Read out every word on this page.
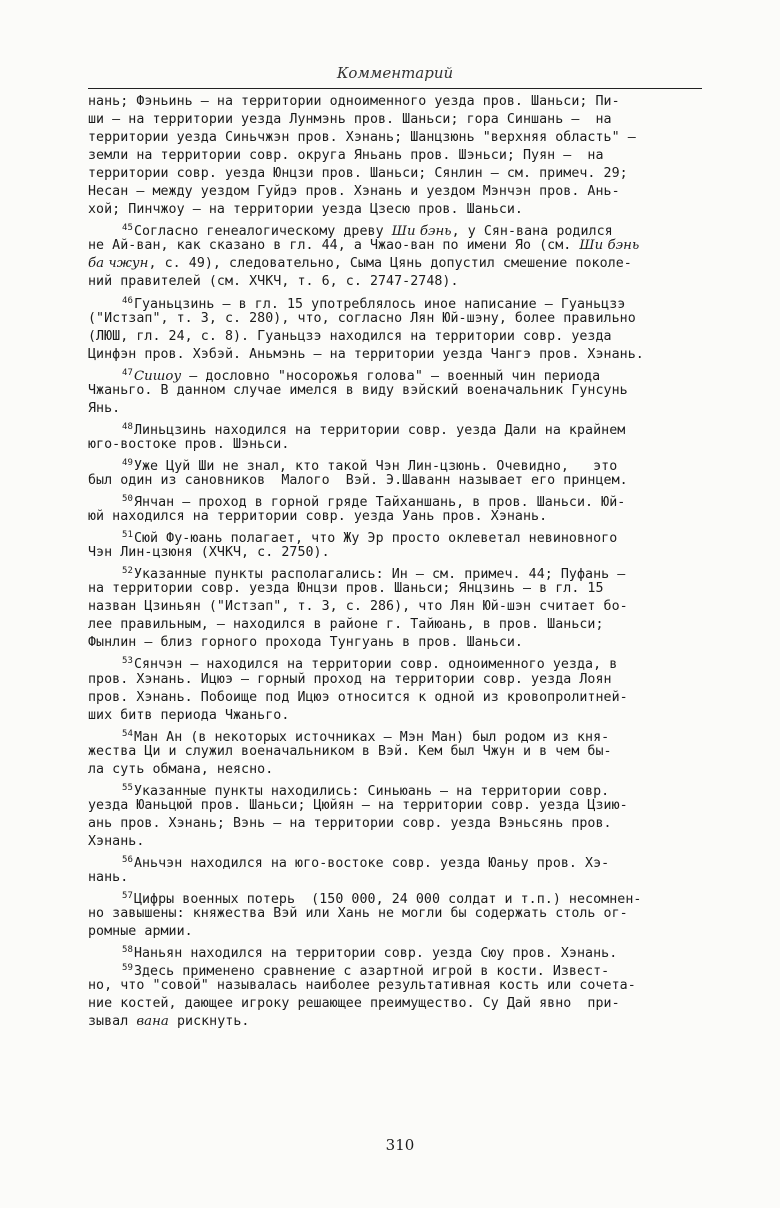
Комментарий
нань; Фэньинь — на территории одноименного уезда пров. Шаньси; Пи-
ши — на территории уезда Лунмэнь пров. Шаньси; гора Синшань —  на
территории уезда Синьчжэн пров. Хэнань; Шанцзюнь "верхняя область" —
земли на территории совр. округа Яньань пров. Шэньси; Пуян —  на
территории совр. уезда Юнцзи пров. Шаньси; Сянлин — см. примеч. 29;
Несан — между уездом Гуйдэ пров. Хэнань и уездом Мэнчэн пров. Ань-
хой; Пинчжоу — на территории уезда Цзесю пров. Шаньси.
$^{45}$Согласно генеалогическому древу Ши бэнь, у Сян-вана родился
не Ай-ван, как сказано в гл. 44, а Чжао-ван по имени Яо (см. Ши бэнь
ба чжун, с. 49), следовательно, Сыма Цянь допустил смешение поколе-
ний правителей (см. ХЧКЧ, т. 6, с. 2747-2748).
$^{46}$Гуаньцзинь — в гл. 15 употреблялось иное написание — Гуаньцзэ
("Истзап", т. 3, с. 280), что, согласно Лян Юй-шэну, более правильно
(ЛЮШ, гл. 24, с. 8). Гуаньцзэ находился на территории совр. уезда
Цинфэн пров. Хэбэй. Аньмэнь — на территории уезда Чангэ пров. Хэнань.
$^{47}$Сишоу — дословно "носорожья голова" — военный чин периода
Чжаньго. В данном случае имелся в виду вэйский военачальник Гунсунь
Янь.
$^{48}$Линьцзинь находился на территории совр. уезда Дали на крайнем
юго-востоке пров. Шэньси.
$^{49}$Уже Цуй Ши не знал, кто такой Чэн Лин-цзюнь. Очевидно,   это
был один из сановников  Малого  Вэй. Э.Шаванн называет его принцем.
$^{50}$Янчан — проход в горной гряде Тайханшань, в пров. Шаньси. Юй-
юй находился на территории совр. уезда Уань пров. Хэнань.
$^{51}$Сюй Фу-юань полагает, что Жу Эр просто оклеветал невиновного
Чэн Лин-цзюня (ХЧКЧ, с. 2750).
$^{52}$Указанные пункты располагались: Ин — см. примеч. 44; Пуфань —
на территории совр. уезда Юнцзи пров. Шаньси; Янцзинь — в гл. 15
назван Цзиньян ("Истзап", т. 3, с. 286), что Лян Юй-шэн считает бо-
лее правильным, — находился в районе г. Тайюань, в пров. Шаньси;
Фынлин — близ горного прохода Тунгуань в пров. Шаньси.
$^{53}$Сянчэн — находился на территории совр. одноименного уезда, в
пров. Хэнань. Ицюэ — горный проход на территории совр. уезда Лоян
пров. Хэнань. Побоище под Ицюэ относится к одной из кровопролитней-
ших битв периода Чжаньго.
$^{54}$Ман Ан (в некоторых источниках — Мэн Ман) был родом из кня-
жества Ци и служил военачальником в Вэй. Кем был Чжун и в чем бы-
ла суть обмана, неясно.
$^{55}$Указанные пункты находились: Синьюань — на территории совр.
уезда Юаньцюй пров. Шаньси; Цюйян — на территории совр. уезда Цзию-
ань пров. Хэнань; Вэнь — на территории совр. уезда Вэньсянь пров.
Хэнань.
$^{56}$Аньчэн находился на юго-востоке совр. уезда Юаньу пров. Хэ-
нань.
$^{57}$Цифры военных потерь  (150 000, 24 000 солдат и т.п.) несомнен-
но завышены: княжества Вэй или Хань не могли бы содержать столь ог-
ромные армии.
$^{58}$Наньян находился на территории совр. уезда Сюу пров. Хэнань.
$^{59}$Здесь применено сравнение с азартной игрой в кости. Извест-
но, что "совой" называлась наиболее результативная кость или сочета-
ние костей, дающее игроку решающее преимущество. Су Дай явно  при-
зывал вана рискнуть.
310
